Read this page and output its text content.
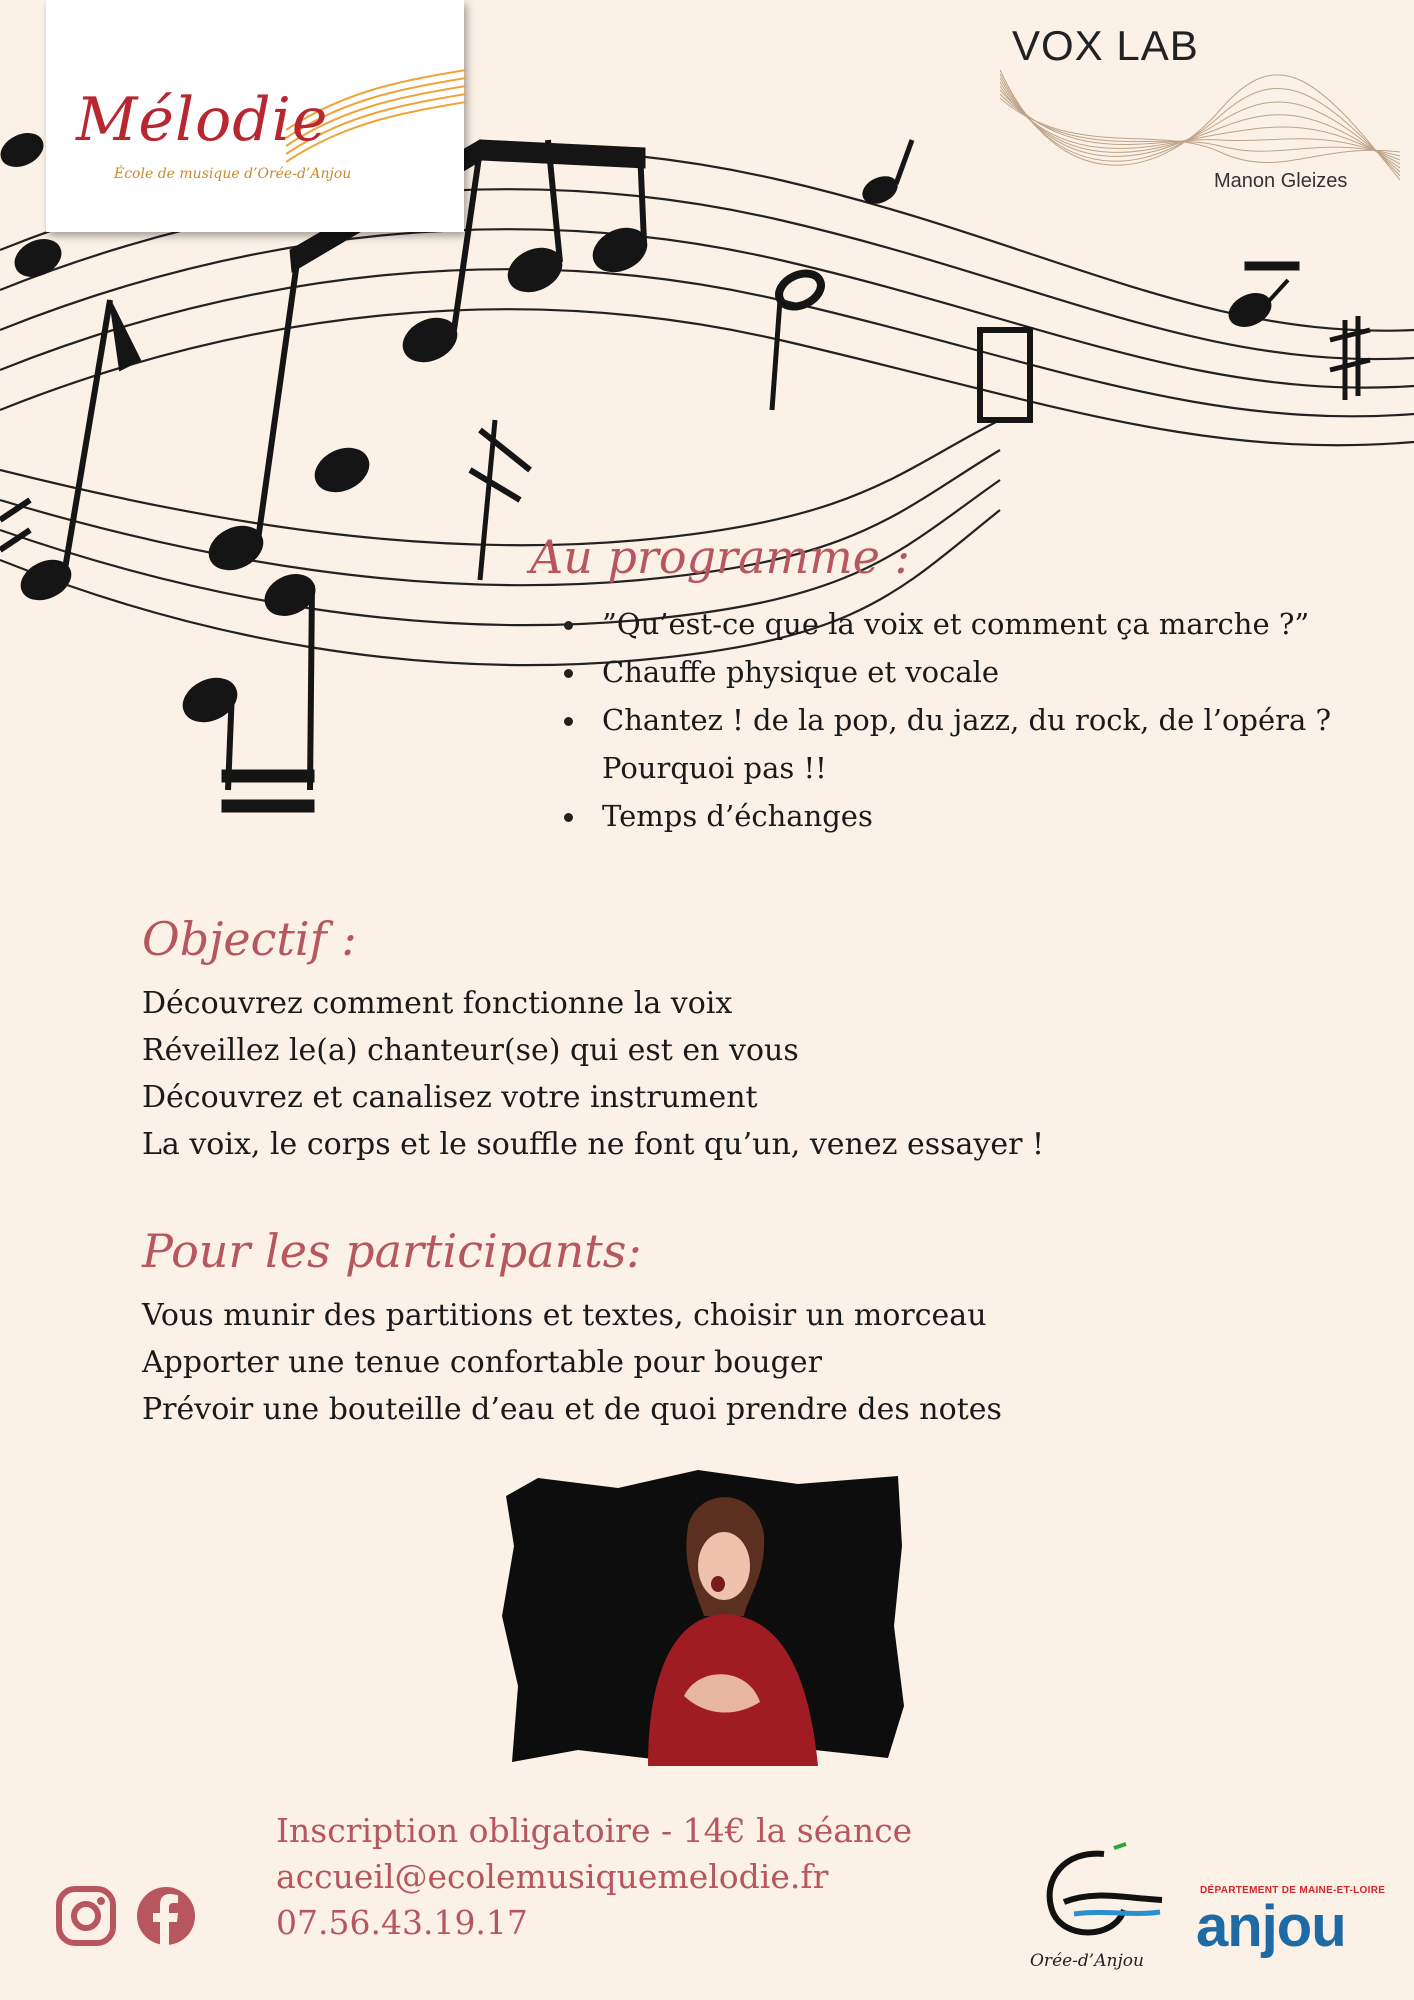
Mélodie
École de musique d’Orée-d’Anjou
VOX LAB
Manon Gleizes
Au programme :
”Qu’est-ce que la voix et comment ça marche ?”
Chauffe physique et vocale
Chantez ! de la pop, du jazz, du rock, de l’opéra ?
Pourquoi pas !!
Temps d’échanges
Objectif :
Découvrez comment fonctionne la voix
Réveillez le(a) chanteur(se) qui est en vous
Découvrez et canalisez votre instrument
La voix, le corps et le souffle ne font qu’un, venez essayer !
Pour les participants:
Vous munir des partitions et textes, choisir un morceau
Apporter une tenue confortable pour bouger
Prévoir une bouteille d’eau et de quoi prendre des notes
Inscription obligatoire - 14€ la séance
accueil@ecolemusiquemelodie.fr
07.56.43.19.17
Orée-d’Anjou
DÉPARTEMENT DE MAINE-ET-LOIRE
anjou
